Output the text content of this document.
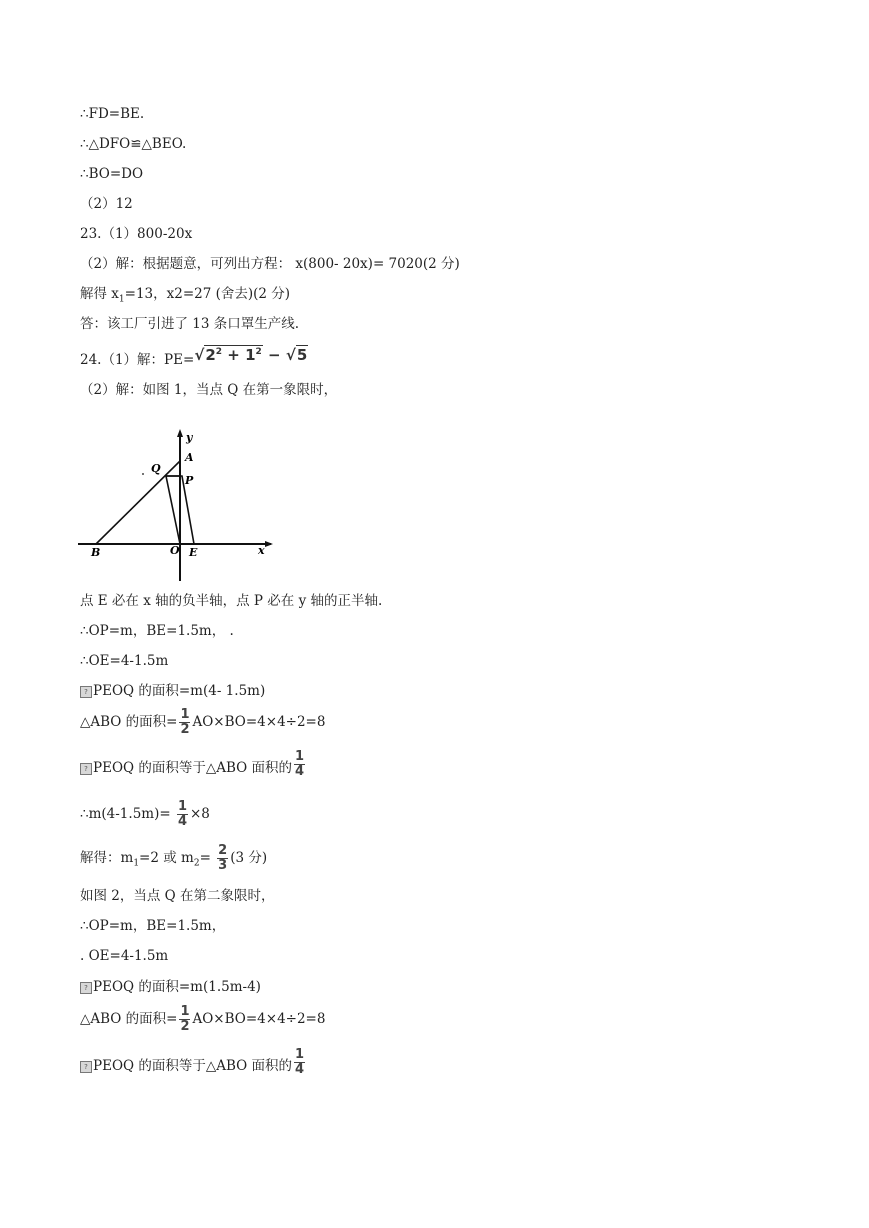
∴FD=BE.
∴△DFO≌△BEO.
∴BO=DO
（2）12
23.（1）800-20x
（2）解：根据题意，可列出方程： x(800- 20x)= 7020(2 分)
解得 $x_1=13$，x2=27 (舍去)(2 分)
答：该工厂引进了 13 条口罩生产线.
24.（1）解：$PE=√2^2 + 1^2 - √5$
（2）解：如图 1，当点 Q 在第一象限时，
y
x
A
Q
P
B	O E
点 E 必在 x 轴的负半轴，点 P 必在 y 轴的正半轴.
∴OP=m，BE=1.5m， .
∴OE=4-1.5m
? PEOQ 的面积=m(4- 1.5m)
△ABO 的面积= $\frac{1}{2} AO\times BO=4\times 4\div 2=8$
? PEOQ 的面积等于△ABO 面积的 $\frac{1}{4}$
∴m(4-1.5m)= $\frac{1}{4} \times 8$
解得：$m_1=2$ 或 $m_2= \frac{2}{3} (3$ 分)
如图 2，当点 Q 在第二象限时，
∴OP=m，BE=1.5m，
. OE=4-1.5m
? PEOQ 的面积=m(1.5m-4)
△ABO 的面积= $\frac{1}{2} AO\times BO=4\times 4\div 2=8$
? PEOQ 的面积等于△ABO 面积的 $\frac{1}{4}$
